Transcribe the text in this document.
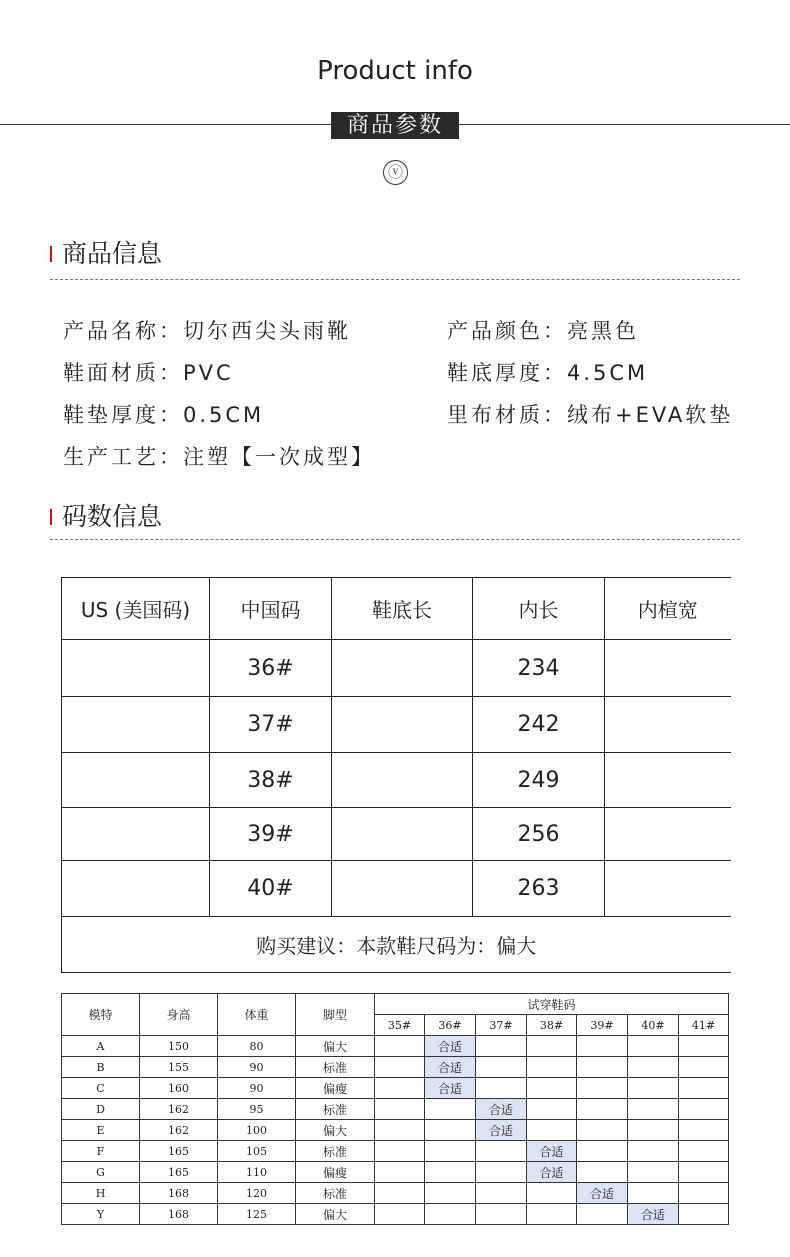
Product info
商品参数
ⓥ
商品信息
产品名称：切尔西尖头雨靴	产品颜色：亮黑色
鞋面材质：PVC	鞋底厚度：4.5CM
鞋垫厚度：0.5CM	里布材质：绒布+EVA软垫
生产工艺：注塑【一次成型】
码数信息
US (美国码)	中国码	鞋底长	内长	内楦宽
	36#		234	
	37#		242	
	38#		249	
	39#		256	
	40#		263	
购买建议：本款鞋尺码为：偏大				
模特	身高	体重	脚型	试穿鞋码						
				35#	36#	37#	38#	39#	40#	41#
A	150	80	偏大		合适					
B	155	90	标准		合适					
C	160	90	偏瘦		合适					
D	162	95	标准			合适				
E	162	100	偏大			合适				
F	165	105	标准				合适			
G	165	110	偏瘦				合适			
H	168	120	标准					合适		
Y	168	125	偏大						合适	
